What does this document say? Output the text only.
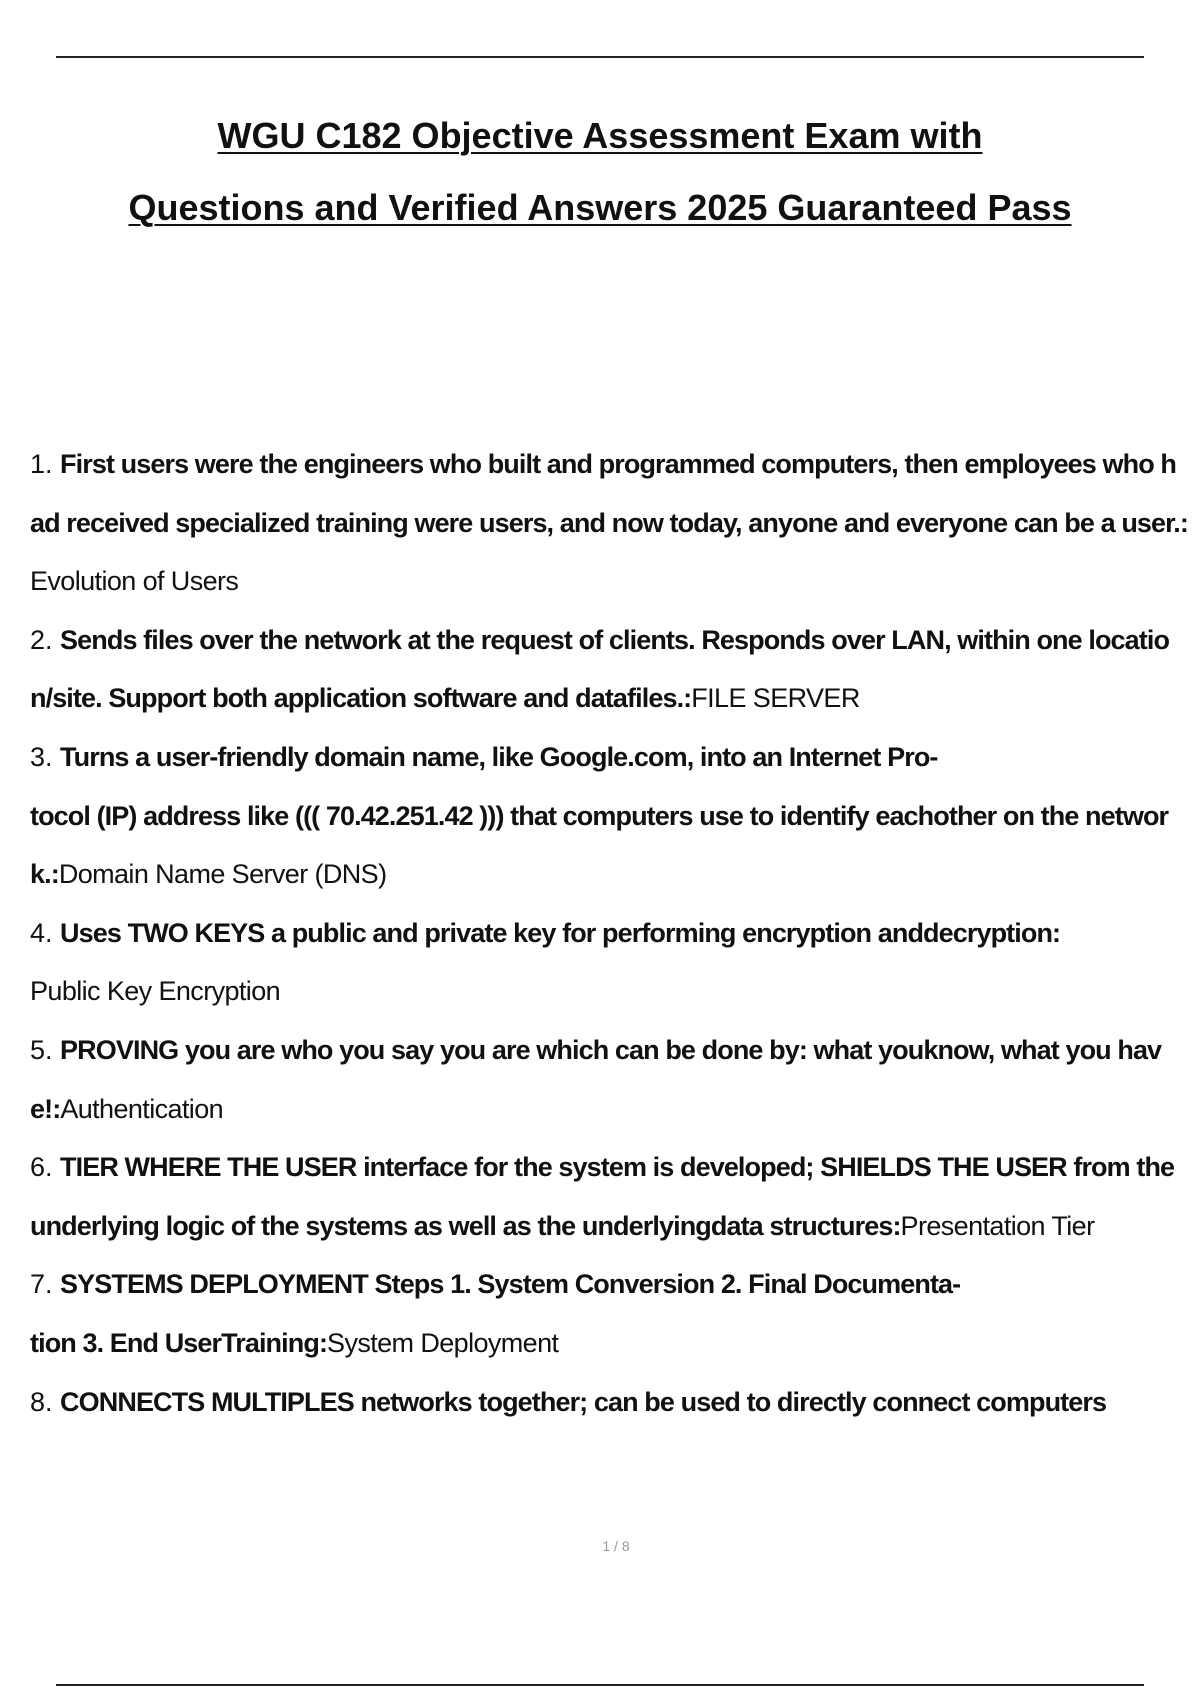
WGU C182 Objective Assessment Exam with
Questions and Verified Answers 2025 Guaranteed Pass

1. First users were the engineers who built and programmed computers, then employees who had received specialized training were users, and now today, anyone and everyone can be a user.:Evolution of Users

2. Sends files over the network at the request of clients. Responds over LAN, within one location/site. Support both application software and datafiles.:FILE SERVER

3. Turns a user-friendly domain name, like Google.com, into an Internet Pro-
tocol (IP) address like ((( 70.42.251.42 ))) that computers use to identify eachother on the network.:Domain Name Server (DNS)

4. Uses TWO KEYS a public and private key for performing encryption anddecryption:
Public Key Encryption

5. PROVING you are who you say you are which can be done by: what youknow, what you have!:Authentication

6. TIER WHERE THE USER interface for the system is developed; SHIELDS THE USER from the underlying logic of the systems as well as the underlyingdata structures:Presentation Tier

7. SYSTEMS DEPLOYMENT Steps 1. System Conversion 2. Final Documenta-
tion 3. End UserTraining:System Deployment

8. CONNECTS MULTIPLES networks together; can be used to directly connect computers

1 / 8
